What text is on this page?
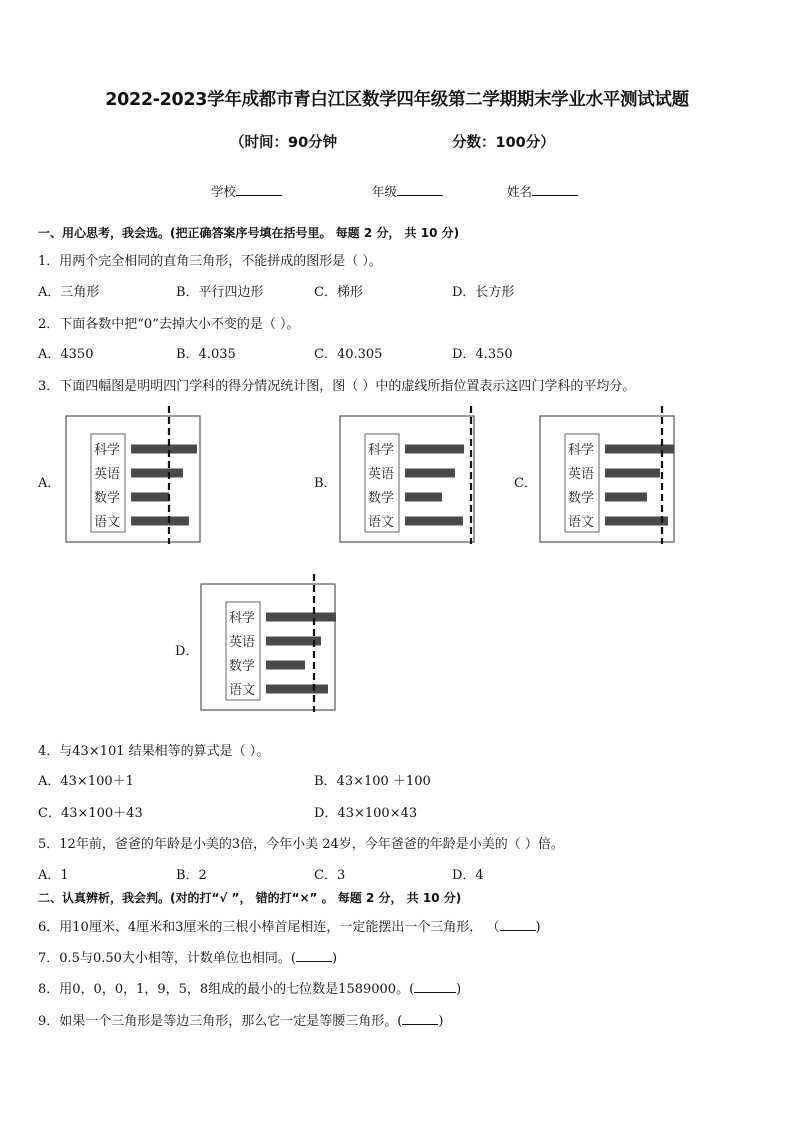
2022-2023学年成都市青白江区数学四年级第二学期期末学业水平测试试题
（时间：90分钟	分数：100分）
学校	年级	姓名
一、用心思考，我会选。(把正确答案序号填在括号里。 每题 2 分， 共 10 分)
1．用两个完全相同的直角三角形，不能拼成的图形是（ ）。
A．三角形	B．平行四边形	C．梯形	D．长方形
2．下面各数中把“0”去掉大小不变的是（ ）。
A．4350	B．4.035	C．40.305	D．4.350
3．下面四幅图是明明四门学科的得分情况统计图，图（ ）中的虚线所指位置表示这四门学科的平均分。
A．	B．	C．
D．
科学
英语
数学
语文
科学
英语
数学
语文
科学
英语
数学
语文
科学
英语
数学
语文
4．与43×101 结果相等的算式是（ ）。
A．43×100＋1	B．43×100 ＋100
C．43×100＋43	D．43×100×43
5．12年前，爸爸的年龄是小美的3倍，今年小美 24岁，今年爸爸的年龄是小美的（ ）倍。
A．1	B．2	C．3	D．4
二、认真辨析，我会判。(对的打“√ ”， 错的打“×” 。 每题 2 分， 共 10 分)
6．用10厘米、4厘米和3厘米的三根小棒首尾相连，一定能摆出一个三角形． （	)
7．0.5与0.50大小相等，计数单位也相同。(	)
8．用0，0，0，1，9，5，8组成的最小的七位数是1589000。(	)
9．如果一个三角形是等边三角形，那么它一定是等腰三角形。(	)
